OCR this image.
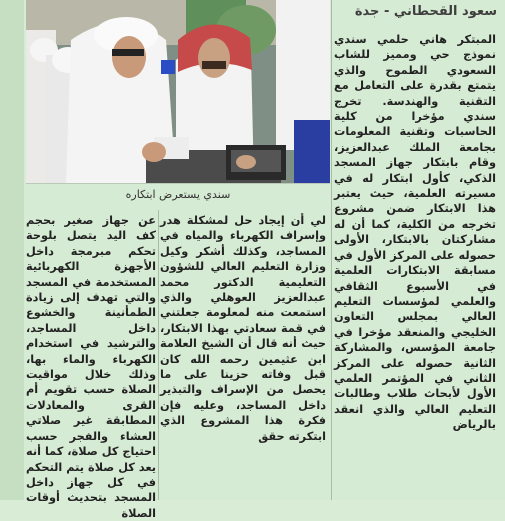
سندي يستعرض ابتكاره
سعود القحطاني - جدة
المبتكر هاني حلمي سندي نموذج حي ومميز للشاب السعودي الطموح والذي يتمتع بقدرة على التعامل مع التقنية والهندسة. تخرج سندي مؤخرا من كلية الحاسبات وتقنية المعلومات بجامعة الملك عبدالعزيز، وقام بابتكار جهاز المسجد الذكي، كأول ابتكار له في مسيرته العلمية، حيث يعتبر هذا الابتكار ضمن مشروع تخرجه من الكلية، كما أن له مشاركتان بالابتكار، الأولى حصوله على المركز الأول في مسابقة الابتكارات العلمية في الأسبوع الثقافي والعلمي لمؤسسات التعليم العالي بمجلس التعاون الخليجي والمنعقد مؤخرا في جامعة المؤسس، والمشاركة الثانية حصوله على المركز الثاني في المؤتمر العلمي الأول لأبحاث طلاب وطالبات التعليم العالي والذي انعقد بالرياض
لي أن إيجاد حل لمشكلة هدر وإسراف الكهرباء والمياه في المساجد، وكذلك أشكر وكيل وزارة التعليم العالي للشؤون التعليمية الدكتور محمد عبدالعزيز العوهلي والذي استمعت منه لمعلومة جعلتني في قمة سعادتي بهذا الابتكار، حيث أنه قال أن الشيخ العلامة ابن عثيمين رحمه الله كان قبل وفاته حزينا على ما يحصل من الإسراف والتبذير داخل المساجد، وعليه فإن فكرة هذا المشروع الذي ابتكرته حقق
عن جهاز صغير بحجم كف اليد يتصل بلوحة تحكم مبرمجة داخل الأجهزة الكهربائية المستخدمة في المسجد والتي تهدف إلى زيادة الطمأنينة والخشوع داخل المساجد، والترشيد في استخدام الكهرباء والماء بها، وذلك خلال مواقيت الصلاة حسب تقويم أم القرى والمعادلات المطابقة غير صلاتي العشاء والفجر حسب احتياج كل صلاة، كما أنه يعد كل صلاة يتم التحكم في كل جهاز داخل المسجد بتحديث أوقات الصلاة
